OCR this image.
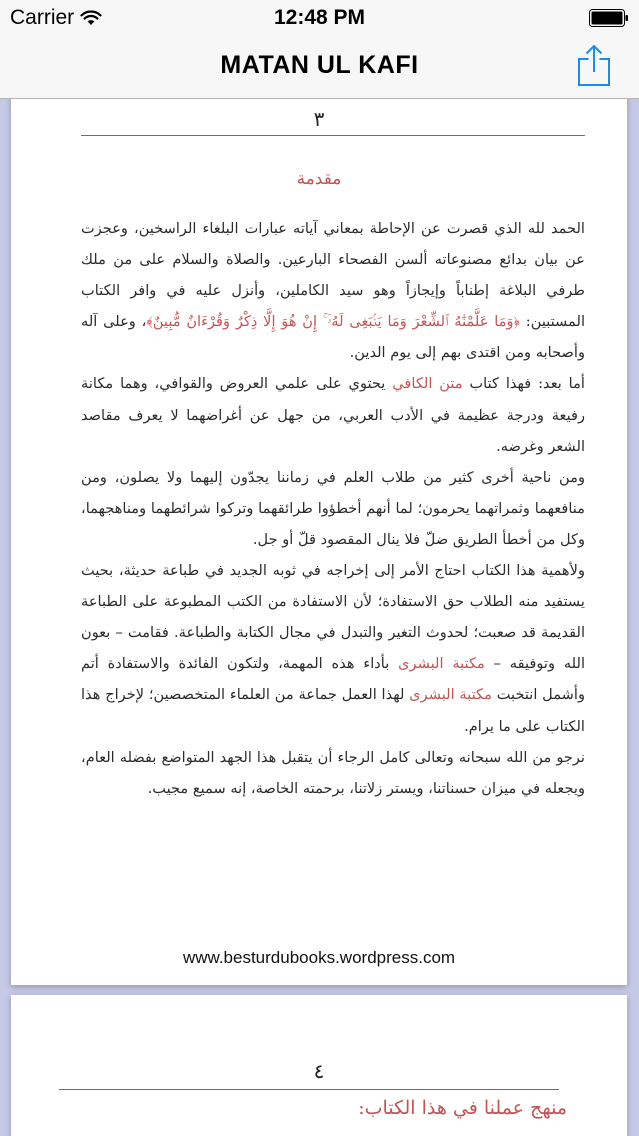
Carrier	12:48 PM
MATAN UL KAFI
٣
مقدمة

الحمد لله الذي قصرت عن الإحاطة بمعاني آياته عبارات البلغاء الراسخين، وعجزت عن بيان بدائع مصنوعاته ألسن الفصحاء البارعين. والصلاة والسلام على من ملك طرفي البلاغة إطناباً وإيجازاً وهو سيد الكاملين، وأنزل عليه في وافر الكتاب المستبين: ﴿وَمَا عَلَّمْنَٰهُ ٱلشِّعْرَ وَمَا يَنۢبَغِى لَهُۥٓ ۚ إِنْ هُوَ إِلَّا ذِكْرٌ وَقُرْءَانٌ مُّبِينٌ﴾، وعلى آله وأصحابه ومن اقتدى بهم إلى يوم الدين.

أما بعد: فهذا كتاب متن الكافي يحتوي على علمي العروض والقوافي، وهما مكانة رفيعة ودرجة عظيمة في الأدب العربي، من جهل عن أغراضهما لا يعرف مقاصد الشعر وغرضه.

ومن ناحية أخرى كثير من طلاب العلم في زماننا يجدّون إليهما ولا يصلون، ومن منافعهما وثمراتهما يحرمون؛ لما أنهم أخطؤوا طرائقهما وتركوا شرائطهما ومناهجهما، وكل من أخطأ الطريق ضلّ فلا ينال المقصود قلّ أو جل.

ولأهمية هذا الكتاب احتاج الأمر إلى إخراجه في ثوبه الجديد في طباعة حديثة، بحيث يستفيد منه الطلاب حق الاستفادة؛ لأن الاستفادة من الكتب المطبوعة على الطباعة القديمة قد صعبت؛ لحدوث التغير والتبدل في مجال الكتابة والطباعة. فقامت – بعون الله وتوفيقه – مكتبة البشرى بأداء هذه المهمة، ولتكون الفائدة والاستفادة أتم وأشمل انتخبت مكتبة البشرى لهذا العمل جماعة من العلماء المتخصصين؛ لإخراج هذا الكتاب على ما يرام.

نرجو من الله سبحانه وتعالى كامل الرجاء أن يتقبل هذا الجهد المتواضع بفضله العام، ويجعله في ميزان حسناتنا، ويستر زلاتنا، برحمته الخاصة، إنه سميع مجيب.

www.besturdubooks.wordpress.com
٤
منهج عملنا في هذا الكتاب:
